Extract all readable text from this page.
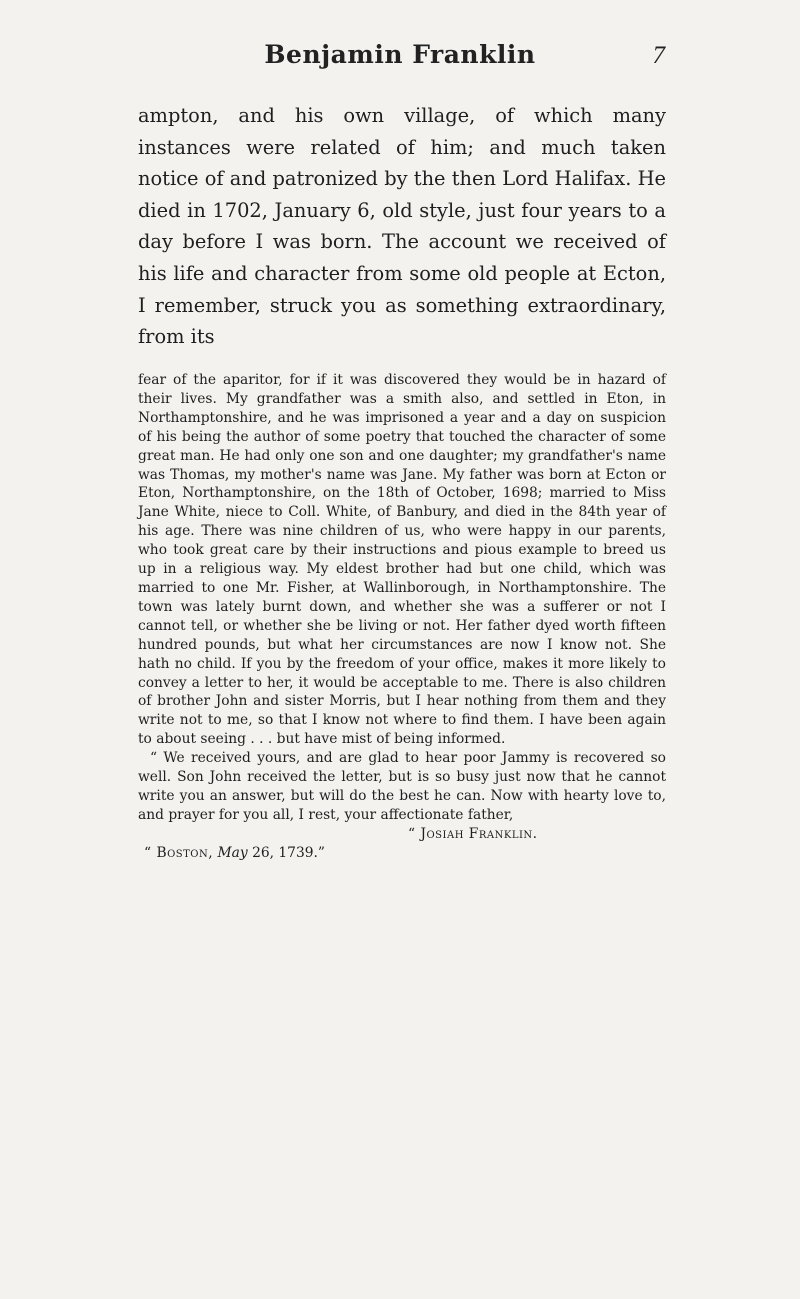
Benjamin Franklin	7

ampton, and his own village, of which many instances were related of him; and much taken notice of and patronized by the then Lord Halifax. He died in 1702, January 6, old style, just four years to a day before I was born. The account we received of his life and character from some old people at Ecton, I remember, struck you as something extraordinary, from its

fear of the aparitor, for if it was discovered they would be in hazard of their lives. My grandfather was a smith also, and settled in Eton, in Northamptonshire, and he was imprisoned a year and a day on suspicion of his being the author of some poetry that touched the character of some great man. He had only one son and one daughter; my grandfather's name was Thomas, my mother's name was Jane. My father was born at Ecton or Eton, Northamptonshire, on the 18th of October, 1698; married to Miss Jane White, niece to Coll. White, of Banbury, and died in the 84th year of his age. There was nine children of us, who were happy in our parents, who took great care by their instructions and pious example to breed us up in a religious way. My eldest brother had but one child, which was married to one Mr. Fisher, at Wallinborough, in Northamptonshire. The town was lately burnt down, and whether she was a sufferer or not I cannot tell, or whether she be living or not. Her father dyed worth fifteen hundred pounds, but what her circumstances are now I know not. She hath no child. If you by the freedom of your office, makes it more likely to convey a letter to her, it would be acceptable to me. There is also children of brother John and sister Morris, but I hear nothing from them and they write not to me, so that I know not where to find them. I have been again to about seeing . . . but have mist of being informed.

“ We received yours, and are glad to hear poor Jammy is recovered so well. Son John received the letter, but is so busy just now that he cannot write you an answer, but will do the best he can. Now with hearty love to, and prayer for you all, I rest, your affectionate father,

“ Josiah Franklin.
“ Boston, May 26, 1739.”
